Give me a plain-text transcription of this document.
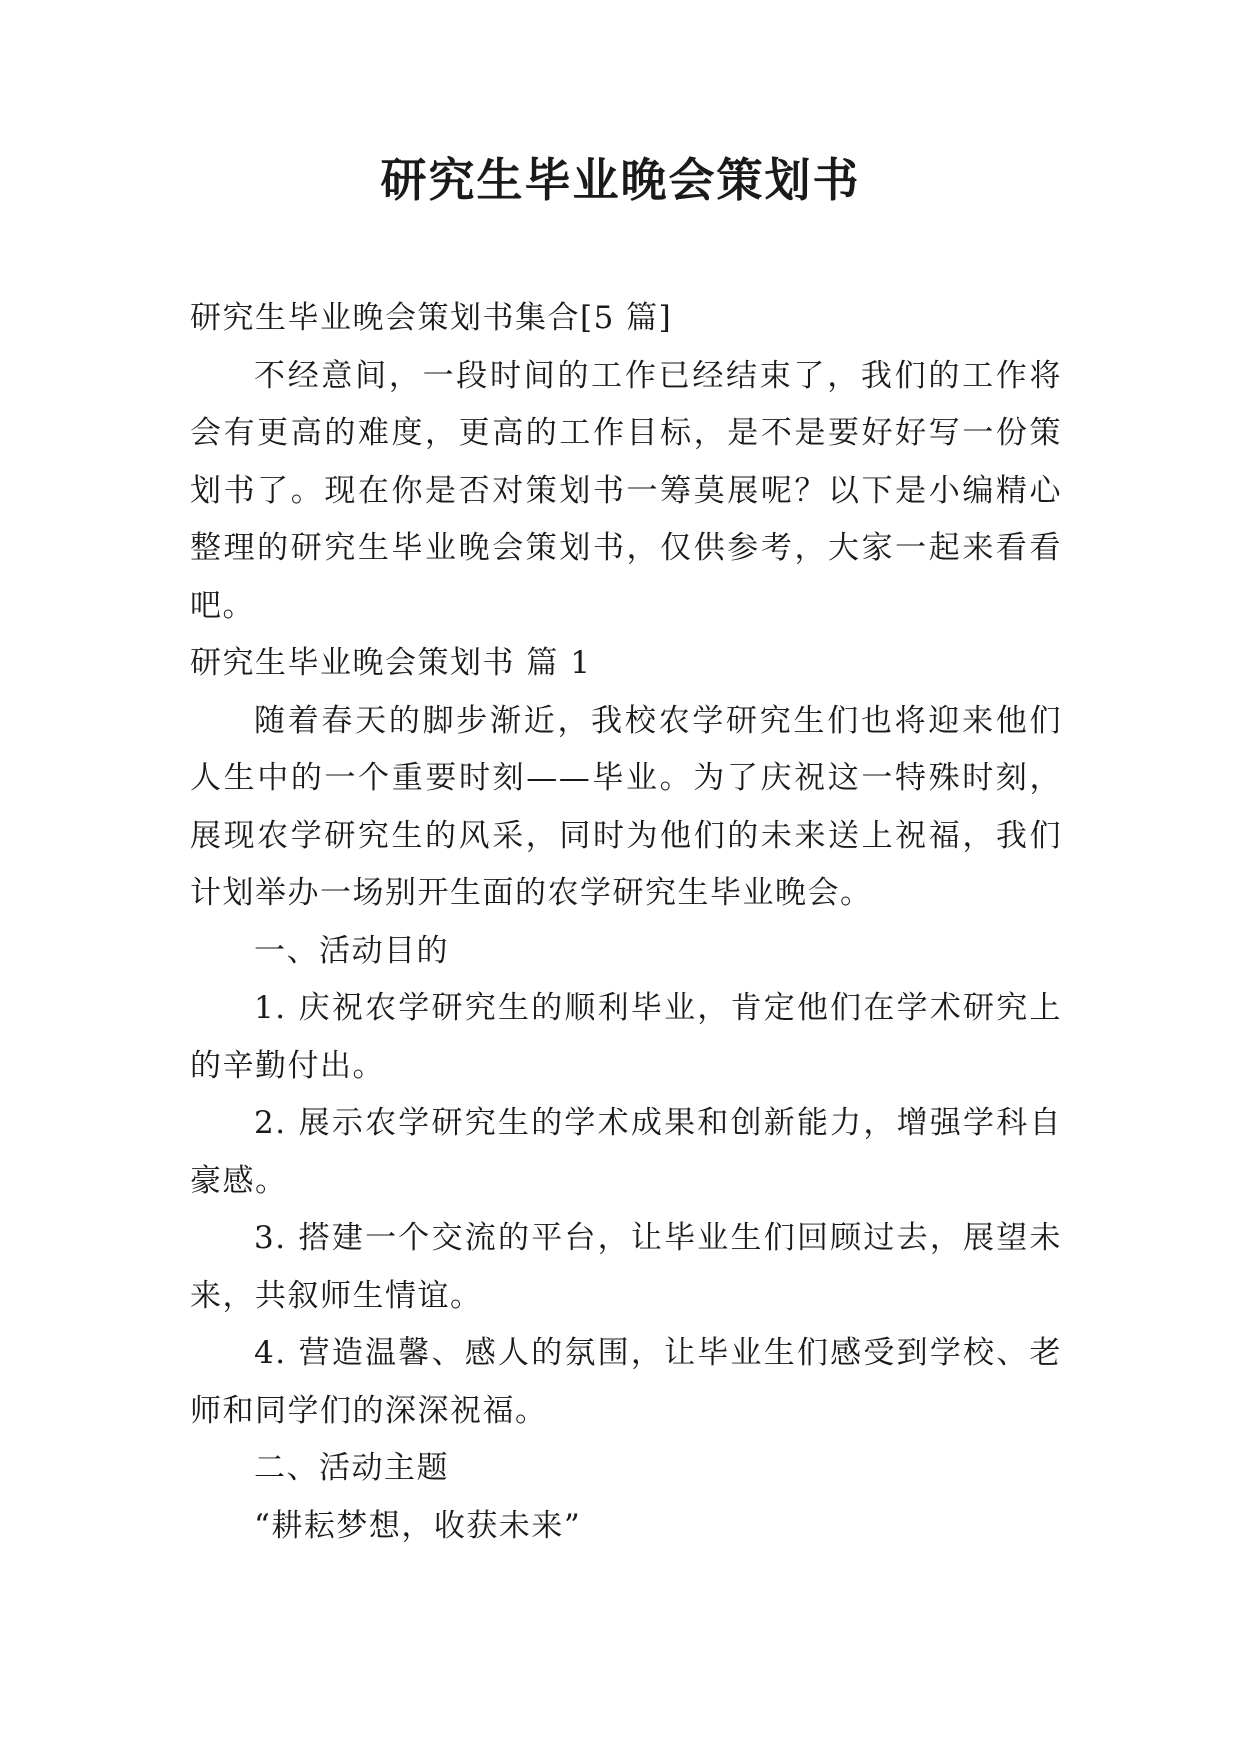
研究生毕业晚会策划书

研究生毕业晚会策划书集合[5 篇]

不经意间，一段时间的工作已经结束了，我们的工作将会有更高的难度，更高的工作目标，是不是要好好写一份策划书了。现在你是否对策划书一筹莫展呢？以下是小编精心整理的研究生毕业晚会策划书，仅供参考，大家一起来看看吧。

研究生毕业晚会策划书 篇 1

随着春天的脚步渐近，我校农学研究生们也将迎来他们人生中的一个重要时刻——毕业。为了庆祝这一特殊时刻，展现农学研究生的风采，同时为他们的未来送上祝福，我们计划举办一场别开生面的农学研究生毕业晚会。

一、活动目的

1. 庆祝农学研究生的顺利毕业，肯定他们在学术研究上的辛勤付出。

2. 展示农学研究生的学术成果和创新能力，增强学科自豪感。

3. 搭建一个交流的平台，让毕业生们回顾过去，展望未来，共叙师生情谊。

4. 营造温馨、感人的氛围，让毕业生们感受到学校、老师和同学们的深深祝福。

二、活动主题

“耕耘梦想，收获未来”
